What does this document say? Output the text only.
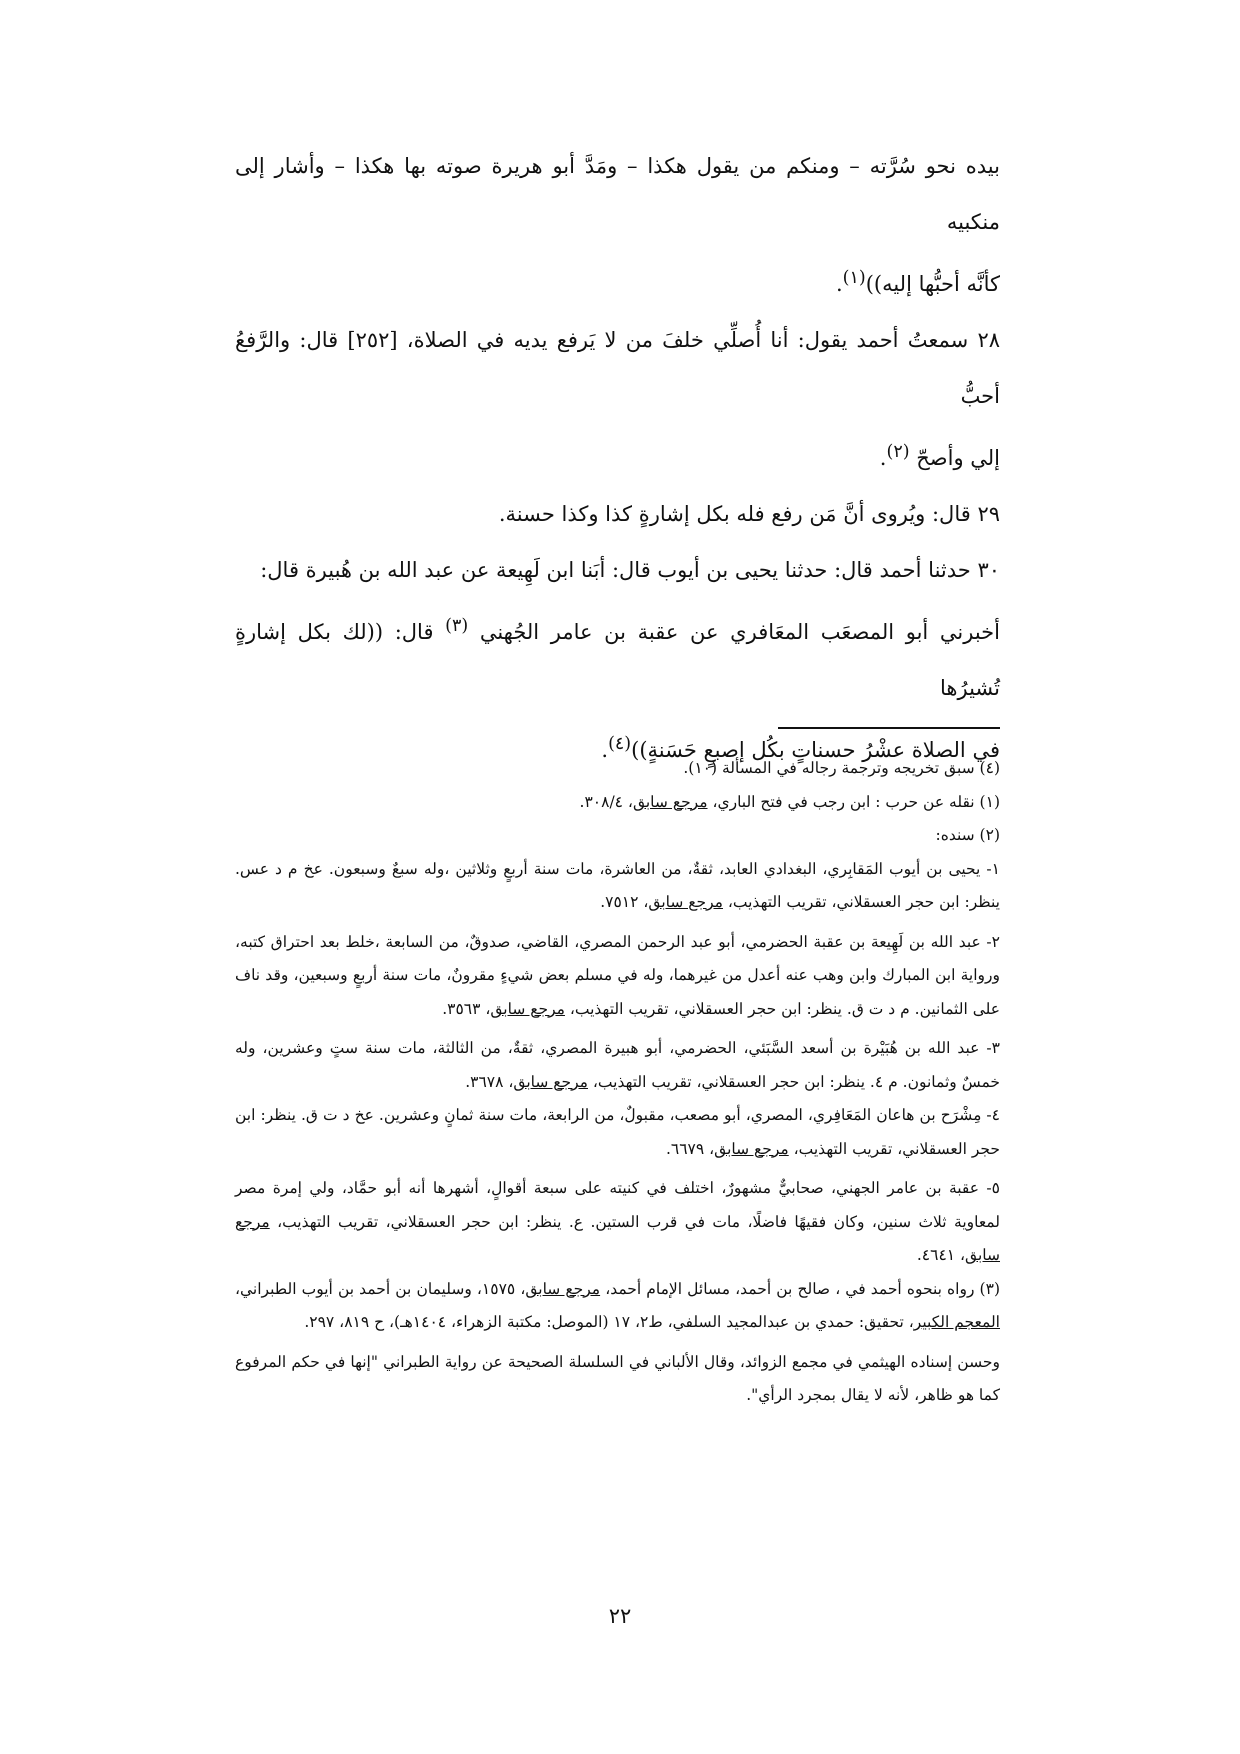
بيده نحو سُرَّته – ومنكم من يقول هكذا – ومَدَّ أبو هريرة صوته بها هكذا – وأشار إلى منكبيه
كأنَّه أحبُّها إليه))$^{(١)}$.

٢٨ سمعتُ أحمد يقول: أنا أُصلِّي خلفَ من لا يَرفع يديه في الصلاة، [٢٥٢] قال: والرَّفعُ أحبُّ
إلي وأصحّ $^{(٢)}$.

٢٩ قال: ويُروى أنَّ مَن رفع فله بكل إشارةٍ كذا وكذا حسنة.

٣٠ حدثنا أحمد قال: حدثنا يحيى بن أيوب قال: أبَنا ابن لَهِيعة عن عبد الله بن هُبيرة قال:
أخبرني أبو المصعَب المعَافري عن عقبة بن عامر الجُهني $^{(٣)}$ قال: ((لك بكل إشارةٍ تُشيرُها
في الصلاة عشْرُ حسناتٍ بكُل إصبعٍ حَسَنةٍ))$^{(٤)}$.

(٤) سبق تخريجه وترجمة رجاله في المسألة (١٠).

(١) نقله عن حرب : ابن رجب في فتح الباري، مرجع سابق، ٣٠٨/٤.

(٢) سنده:

١- يحيى بن أيوب المَقابِري، البغدادي العابد، ثقةٌ، من العاشرة، مات سنة أربعٍ وثلاثين ،وله سبعٌ وسبعون. عخ م د عس. ينظر: ابن حجر العسقلاني، تقريب التهذيب، مرجع سابق، ٧٥١٢.

٢- عبد الله بن لَهِيعة بن عقبة الحضرمي، أبو عبد الرحمن المصري، القاضي، صدوقٌ، من السابعة ،خلط بعد احتراق كتبه، ورواية ابن المبارك وابن وهب عنه أعدل من غيرهما، وله في مسلم بعض شيءٍ مقرونٌ، مات سنة أربعٍ وسبعين، وقد ناف على الثمانين. م د ت ق. ينظر: ابن حجر العسقلاني، تقريب التهذيب، مرجع سابق، ٣٥٦٣.

٣- عبد الله بن هُبَيْرة بن أسعد السَّبَئي، الحضرمي، أبو هبيرة المصري، ثقةٌ، من الثالثة، مات سنة ستٍ وعشرين، وله خمسٌ وثمانون. م ٤. ينظر: ابن حجر العسقلاني، تقريب التهذيب، مرجع سابق، ٣٦٧٨.

٤- مِشْرَح بن هاعان المَعَافِري، المصري، أبو مصعب، مقبولٌ، من الرابعة، مات سنة ثمانٍ وعشرين. عخ د ت ق. ينظر: ابن حجر العسقلاني، تقريب التهذيب، مرجع سابق، ٦٦٧٩.

٥- عقبة بن عامر الجهني، صحابيٌّ مشهورٌ، اختلف في كنيته على سبعة أقوالٍ، أشهرها أنه أبو حمَّاد، ولي إمرة مصر لمعاوية ثلاث سنين، وكان فقيهًا فاضلًا، مات في قرب الستين. ع. ينظر: ابن حجر العسقلاني، تقريب التهذيب، مرجع سابق، ٤٦٤١.

(٣) رواه بنحوه أحمد في ، صالح بن أحمد، مسائل الإمام أحمد، مرجع سابق، ١٥٧٥، وسليمان بن أحمد بن أيوب الطبراني، المعجم الكبير، تحقيق: حمدي بن عبدالمجيد السلفي، ط٢، ١٧ (الموصل: مكتبة الزهراء، ١٤٠٤هـ)، ح ٨١٩، ٢٩٧.

وحسن إسناده الهيثمي في مجمع الزوائد، وقال الألباني في السلسلة الصحيحة عن رواية الطبراني "إنها في حكم المرفوع كما هو ظاهر، لأنه لا يقال بمجرد الرأي".

٢٢
